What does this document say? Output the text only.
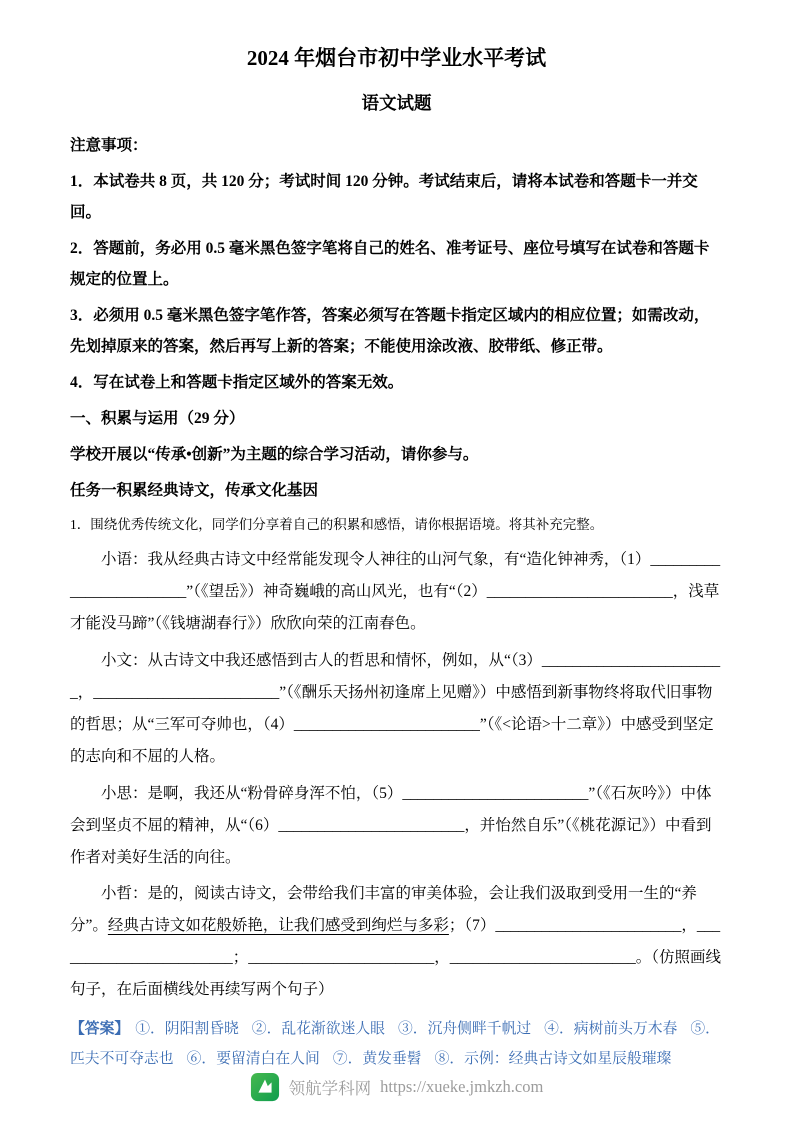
2024 年烟台市初中学业水平考试
语文试题

注意事项：

1．本试卷共 8 页，共 120 分；考试时间 120 分钟。考试结束后，请将本试卷和答题卡一并交回。

2．答题前，务必用 0.5 毫米黑色签字笔将自己的姓名、准考证号、座位号填写在试卷和答题卡规定的位置上。

3．必须用 0.5 毫米黑色签字笔作答，答案必须写在答题卡指定区域内的相应位置；如需改动，先划掉原来的答案，然后再写上新的答案；不能使用涂改液、胶带纸、修正带。

4．写在试卷上和答题卡指定区域外的答案无效。

一、积累与运用（29 分）

学校开展以“传承•创新”为主题的综合学习活动，请你参与。

任务一积累经典诗文，传承文化基因

1．围绕优秀传统文化，同学们分享着自己的积累和感悟，请你根据语境。将其补充完整。

小语：我从经典古诗文中经常能发现令人神往的山河气象，有“造化钟神秀，（1）________________________”（《望岳》）神奇巍峨的高山风光，也有“（2）________________________，浅草才能没马蹄”（《钱塘湖春行》）欣欣向荣的江南春色。

小文：从古诗文中我还感悟到古人的哲思和情怀，例如，从“（3）________________________，________________________”（《酬乐天扬州初逢席上见赠》）中感悟到新事物终将取代旧事物的哲思；从“三军可夺帅也，（4）________________________”（《<论语>十二章》）中感受到坚定的志向和不屈的人格。

小思：是啊，我还从“粉骨碎身浑不怕，（5）________________________”（《石灰吟》）中体会到坚贞不屈的精神，从“（6）________________________，并怡然自乐”（《桃花源记》）中看到作者对美好生活的向往。

小哲：是的，阅读古诗文，会带给我们丰富的审美体验，会让我们汲取到受用一生的“养分”。经典古诗文如花般娇艳，让我们感受到绚烂与多彩；（7）________________________，________________________；________________________，________________________。（仿照画线句子，在后面横线处再续写两个句子）

【答案】 ①．阴阳割昏晓 ②．乱花渐欲迷人眼 ③．沉舟侧畔千帆过 ④．病树前头万木春 ⑤．匹夫不可夺志也 ⑥．要留清白在人间 ⑦．黄发垂髫 ⑧．示例：经典古诗文如星辰般璀璨

领航学科网 https://xueke.jmkzh.com
